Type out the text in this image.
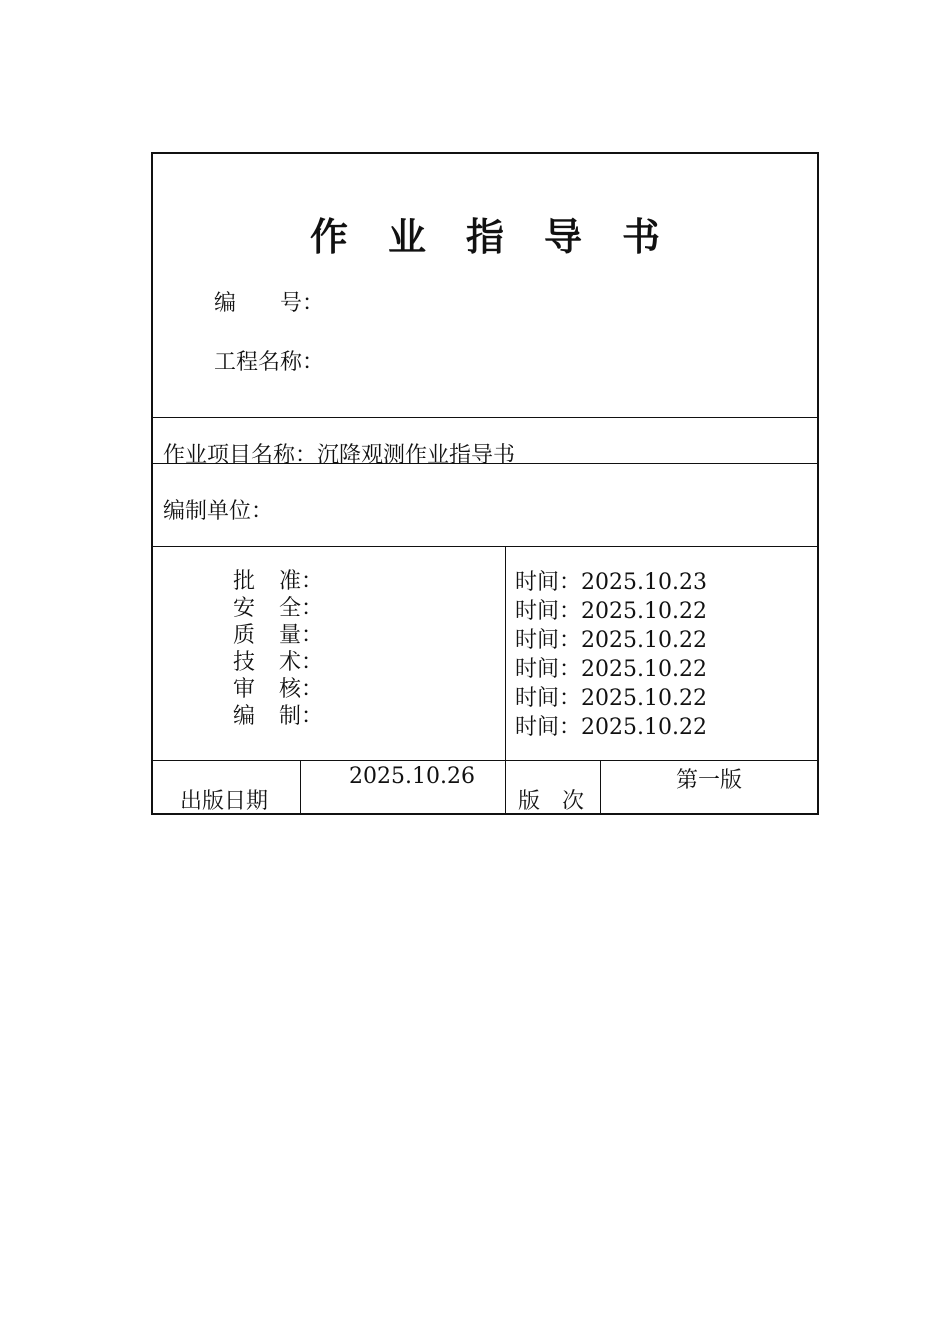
作 业 指 导 书
编　　号：
工程名称：
作业项目名称：沉降观测作业指导书
编制单位：
批 准：
安 全：
质 量：
技 术：
审 核：
编 制：
时间：2025.10.23
时间：2025.10.22
时间：2025.10.22
时间：2025.10.22
时间：2025.10.22
时间：2025.10.22
出版日期
2025.10.26
版　次
第一版
